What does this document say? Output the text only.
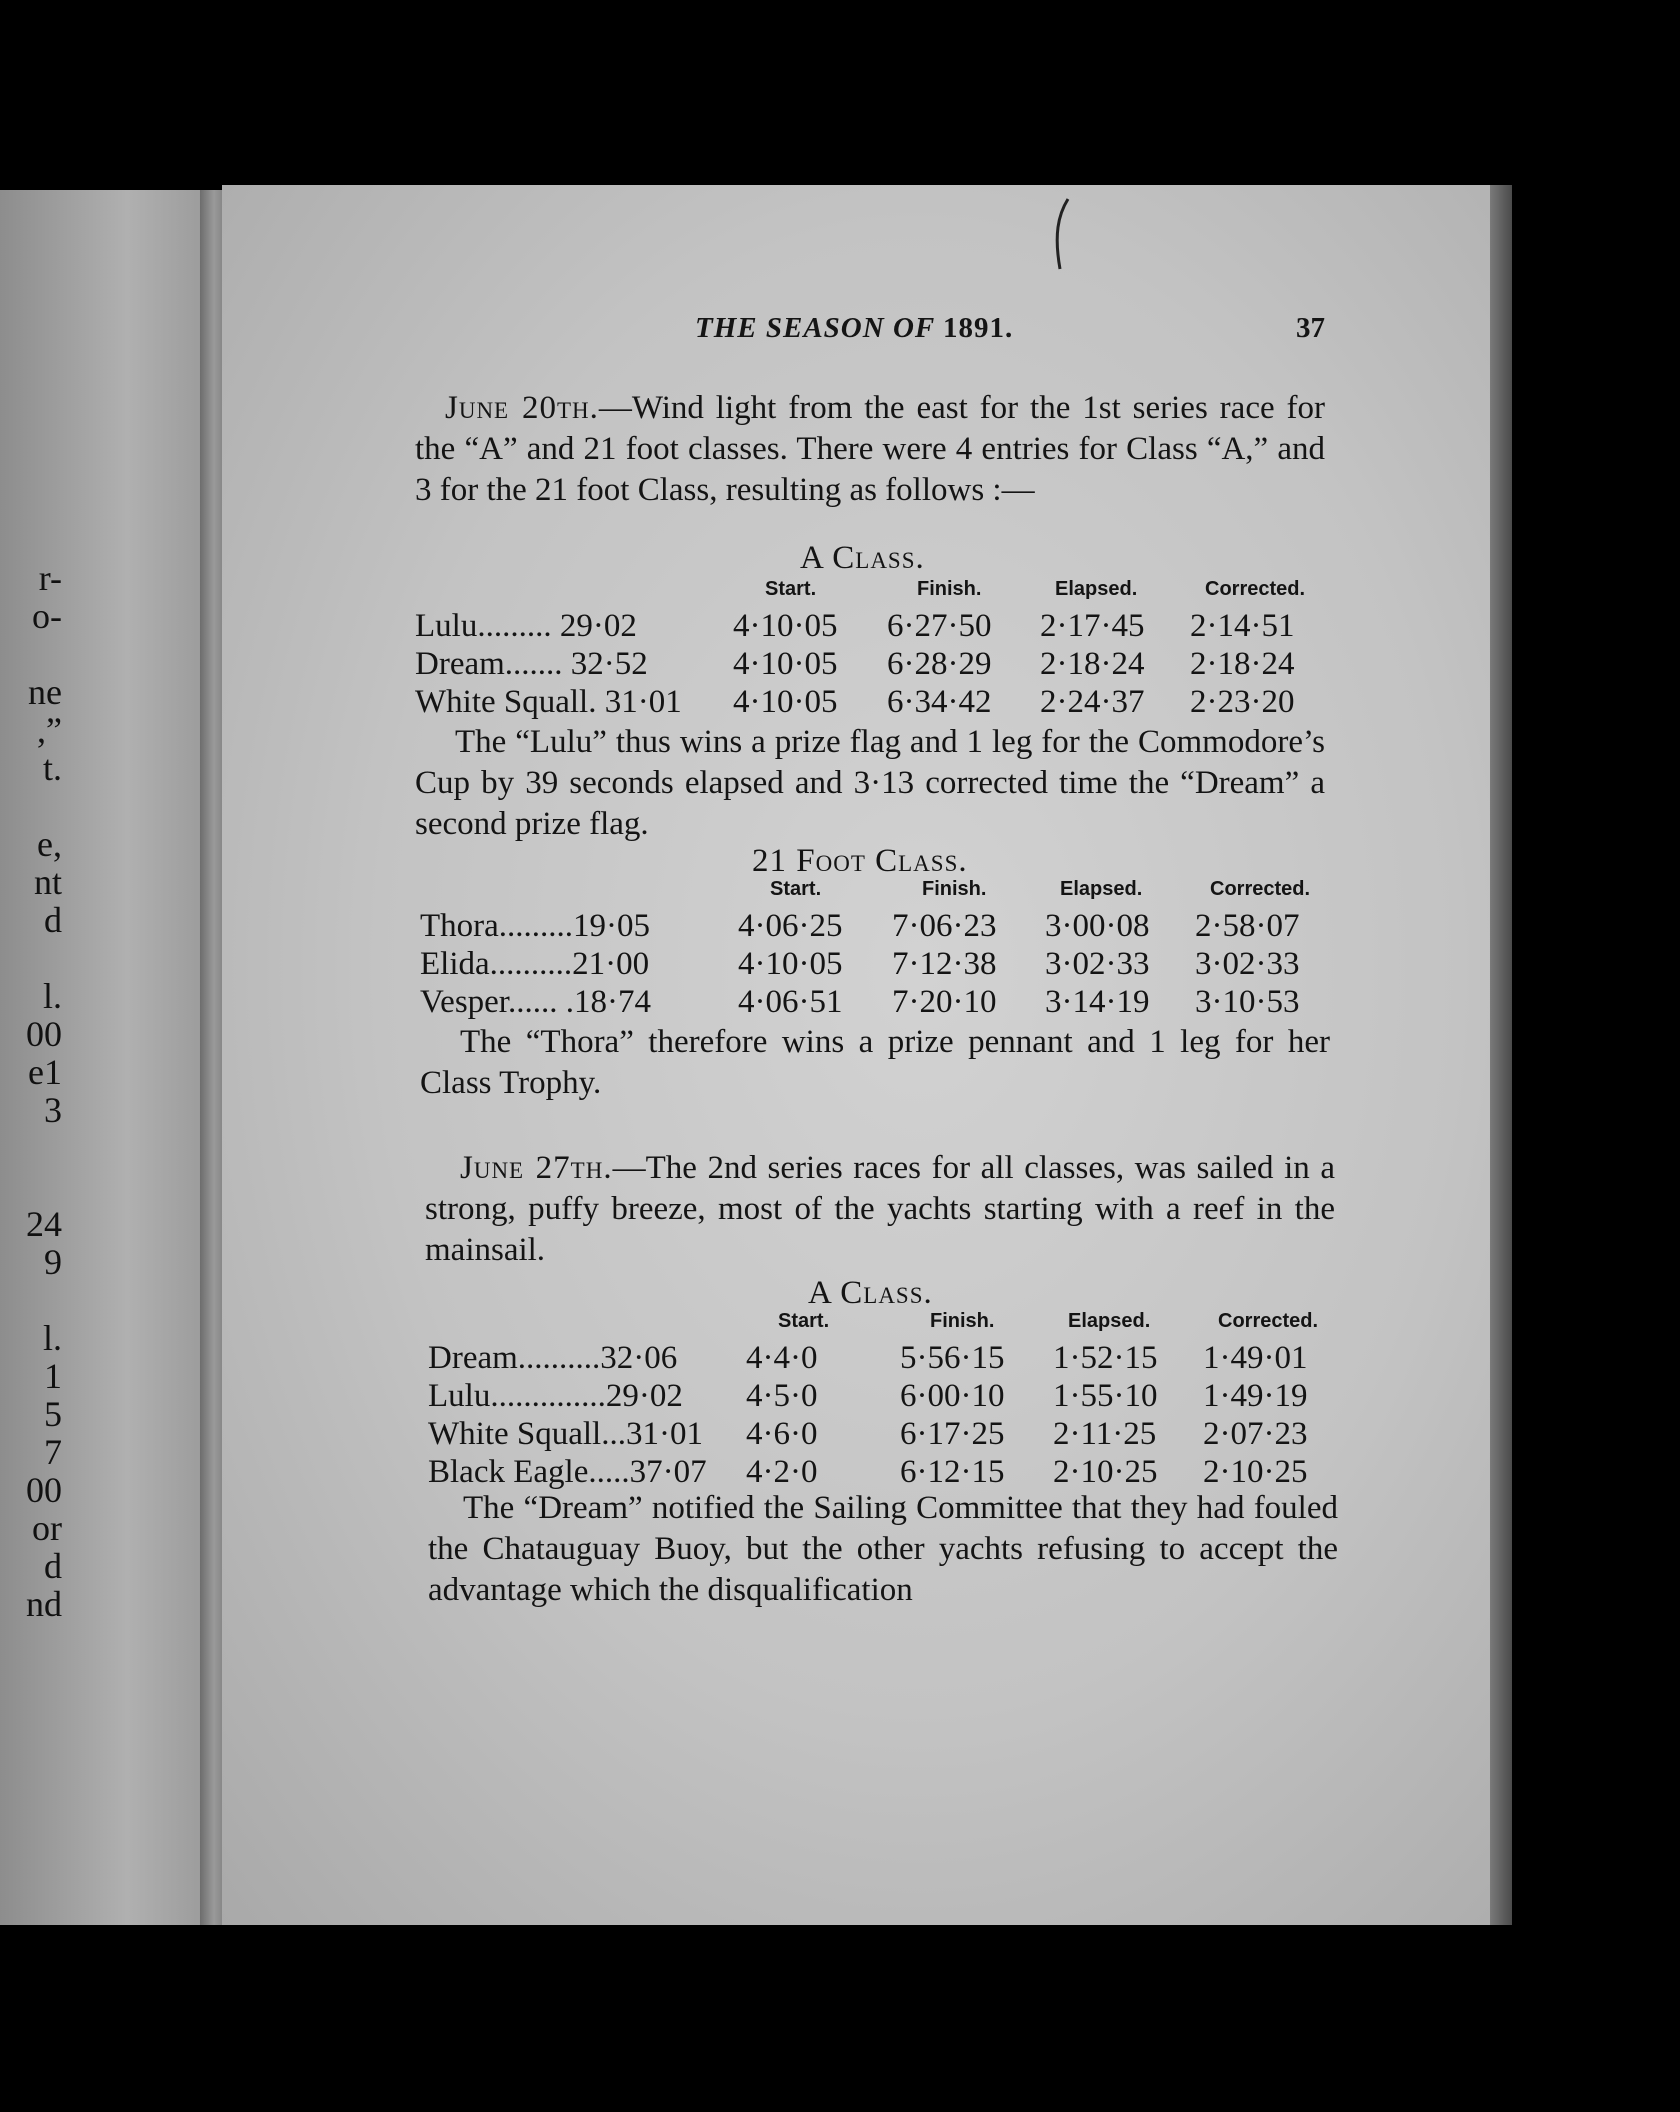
r-
o-
ne
,”
t.
e,
nt
d
l.
00
e1
3
24
9
l.
1
5
7
00
or
d
nd
THE SEASON OF 1891.	37
June 20th.—Wind light from the east for the 1st series race for the “A” and 21 foot classes. There were 4 entries for Class “A,” and 3 for the 21 foot Class, resulting as follows :—
A Class.
Start.	Finish.	Elapsed.	Corrected.
Lulu......... 29·02	4·10·05 6·27·50 2·17·45 2·14·51
Dream....... 32·52	4·10·05 6·28·29 2·18·24 2·18·24
White Squall. 31·01 4·10·05 6·34·42 2·24·37 2·23·20
The “Lulu” thus wins a prize flag and 1 leg for the Commodore’s Cup by 39 seconds elapsed and 3·13 corrected time the “Dream” a second prize flag.
21 Foot Class.
Start.	Finish.	Elapsed.	Corrected.
Thora.........19·05	4·06·25 7·06·23 3·00·08 2·58·07
Elida..........21·00	4·10·05 7·12·38 3·02·33 3·02·33
Vesper...... .18·74	4·06·51 7·20·10 3·14·19 3·10·53
The “Thora” therefore wins a prize pennant and 1 leg for her Class Trophy.
June 27th.—The 2nd series races for all classes, was sailed in a strong, puffy breeze, most of the yachts starting with a reef in the mainsail.
A Class.
Start.	Finish.	Elapsed.	Corrected.
Dream..........32·06 4·4·0	5·56·15 1·52·15 1·49·01
Lulu..............29·02 4·5·0	6·00·10 1·55·10 1·49·19
White Squall...31·01 4·6·0	6·17·25 2·11·25 2·07·23
Black Eagle.....37·07 4·2·0	6·12·15 2·10·25 2·10·25
The “Dream” notified the Sailing Committee that they had fouled the Chatauguay Buoy, but the other yachts refusing to accept the advantage which the disqualification
